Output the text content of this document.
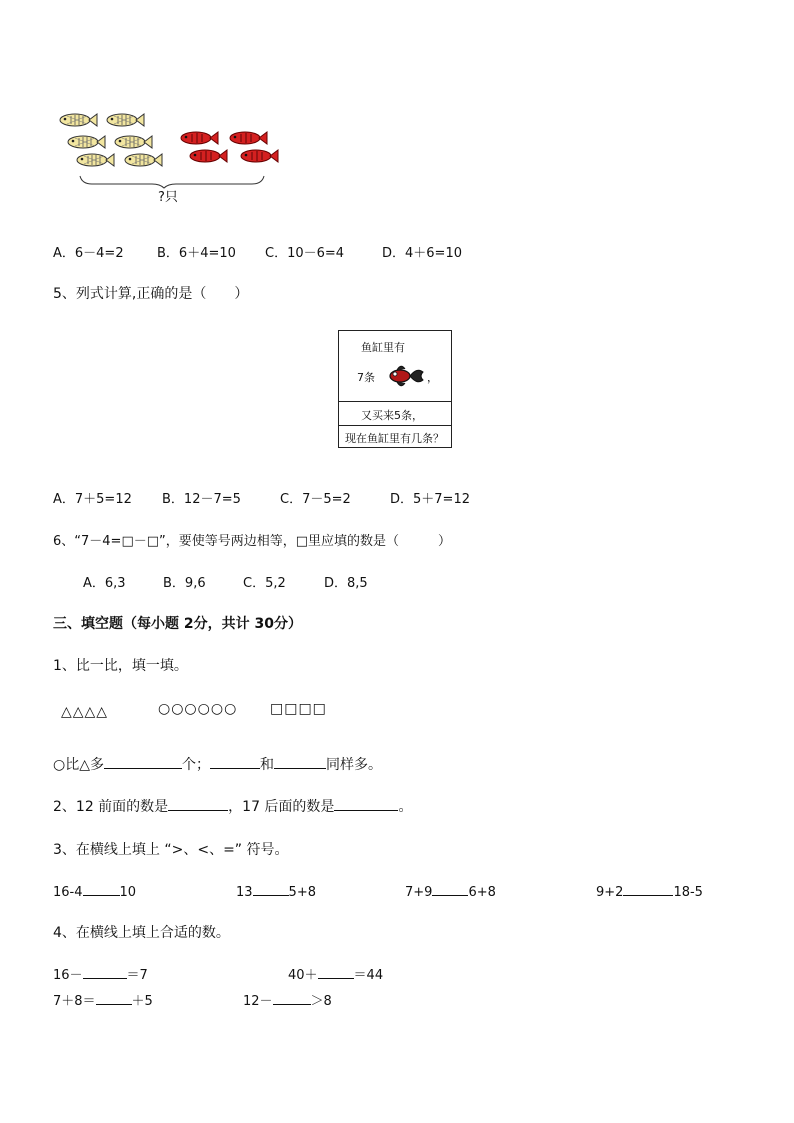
?只
A．6－4=2	B．6＋4=10 C．10－6=4	D．4＋6=10
5、列式计算,正确的是（　　）
鱼缸里有
7条	，
又买来5条，
现在鱼缸里有几条？
A．7＋5=12 B．12－7=5	C．7－5=2	D．5＋7=12
6、“7－4=□－□”，要使等号两边相等，□里应填的数是（　　　）
A．6,3	B．9,6	C．5,2	D．8,5
三、填空题（每小题 2分，共计 30分）
1、比一比，填一填。
△△△△	○○○○○○ □□□□
○比△多	个；	和	同样多。
2、12 前面的数是	，17 后面的数是	。
3、在横线上填上 “>、<、=” 符号。
16-4	10	13	5+8	7+9	6+8	9+2	18-5
4、在横线上填上合适的数。
16－	＝7	40＋	＝44
7＋8＝	＋5	12－	＞8
